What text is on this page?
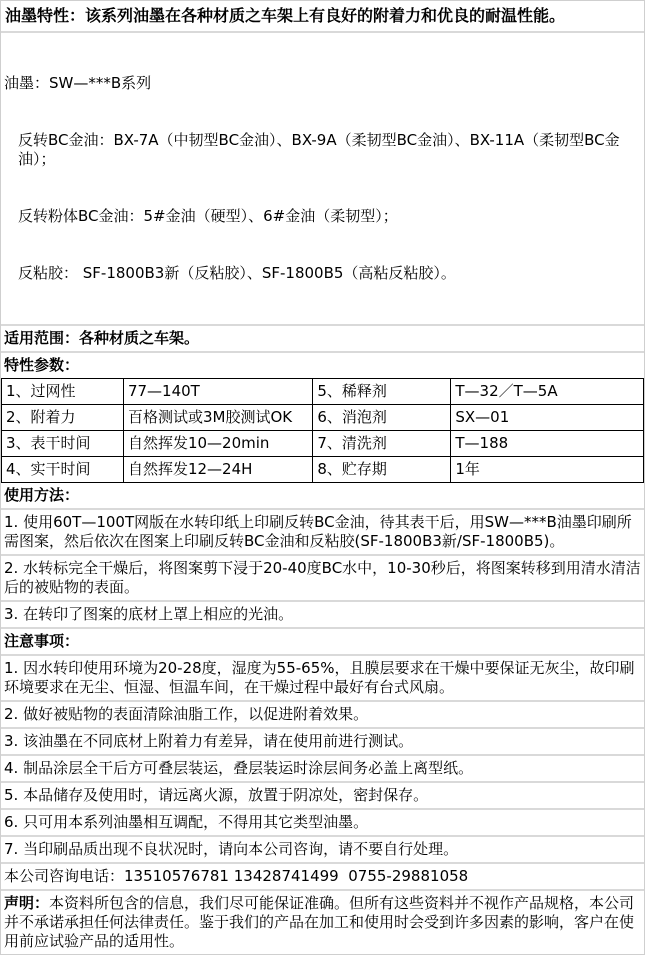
油墨特性：该系列油墨在各种材质之车架上有良好的附着力和优良的耐温性能。

油墨：SW—***B系列

反转BC金油：BX-7A（中韧型BC金油）、BX-9A（柔韧型BC金油）、BX-11A（柔韧型BC金油）；

反转粉体BC金油：5#金油（硬型）、6#金油（柔韧型）；

反粘胶： SF-1800B3新（反粘胶）、SF-1800B5（高粘反粘胶）。

适用范围：各种材质之车架。
特性参数：
1、过网性	77—140T	5、稀释剂	T—32／T—5A
2、附着力	百格测试或3M胶测试OK	6、消泡剂	SX—01
3、表干时间	自然挥发10—20min	7、清洗剂	T—188
4、实干时间	自然挥发12—24H	8、贮存期	1年
使用方法：
1. 使用60T—100T网版在水转印纸上印刷反转BC金油，待其表干后，用SW—***B油墨印刷所需图案，然后依次在图案上印刷反转BC金油和反粘胶(SF-1800B3新/SF-1800B5)。
2. 水转标完全干燥后，将图案剪下浸于20-40度BC水中，10-30秒后，将图案转移到用清水清洁后的被贴物的表面。
3. 在转印了图案的底材上罩上相应的光油。
注意事项：
1. 因水转印使用环境为20-28度，湿度为55-65%，且膜层要求在干燥中要保证无灰尘，故印刷环境要求在无尘、恒湿、恒温车间，在干燥过程中最好有台式风扇。
2. 做好被贴物的表面清除油脂工作，以促进附着效果。
3. 该油墨在不同底材上附着力有差异，请在使用前进行测试。
4. 制品涂层全干后方可叠层装运，叠层装运时涂层间务必盖上离型纸。
5. 本品储存及使用时，请远离火源，放置于阴凉处，密封保存。
6. 只可用本系列油墨相互调配，不得用其它类型油墨。
7. 当印刷品质出现不良状况时，请向本公司咨询，请不要自行处理。
本公司咨询电话：13510576781 13428741499  0755-29881058
声明：本资料所包含的信息，我们尽可能保证准确。但所有这些资料并不视作产品规格，本公司并不承诺承担任何法律责任。鉴于我们的产品在加工和使用时会受到许多因素的影响，客户在使用前应试验产品的适用性。
